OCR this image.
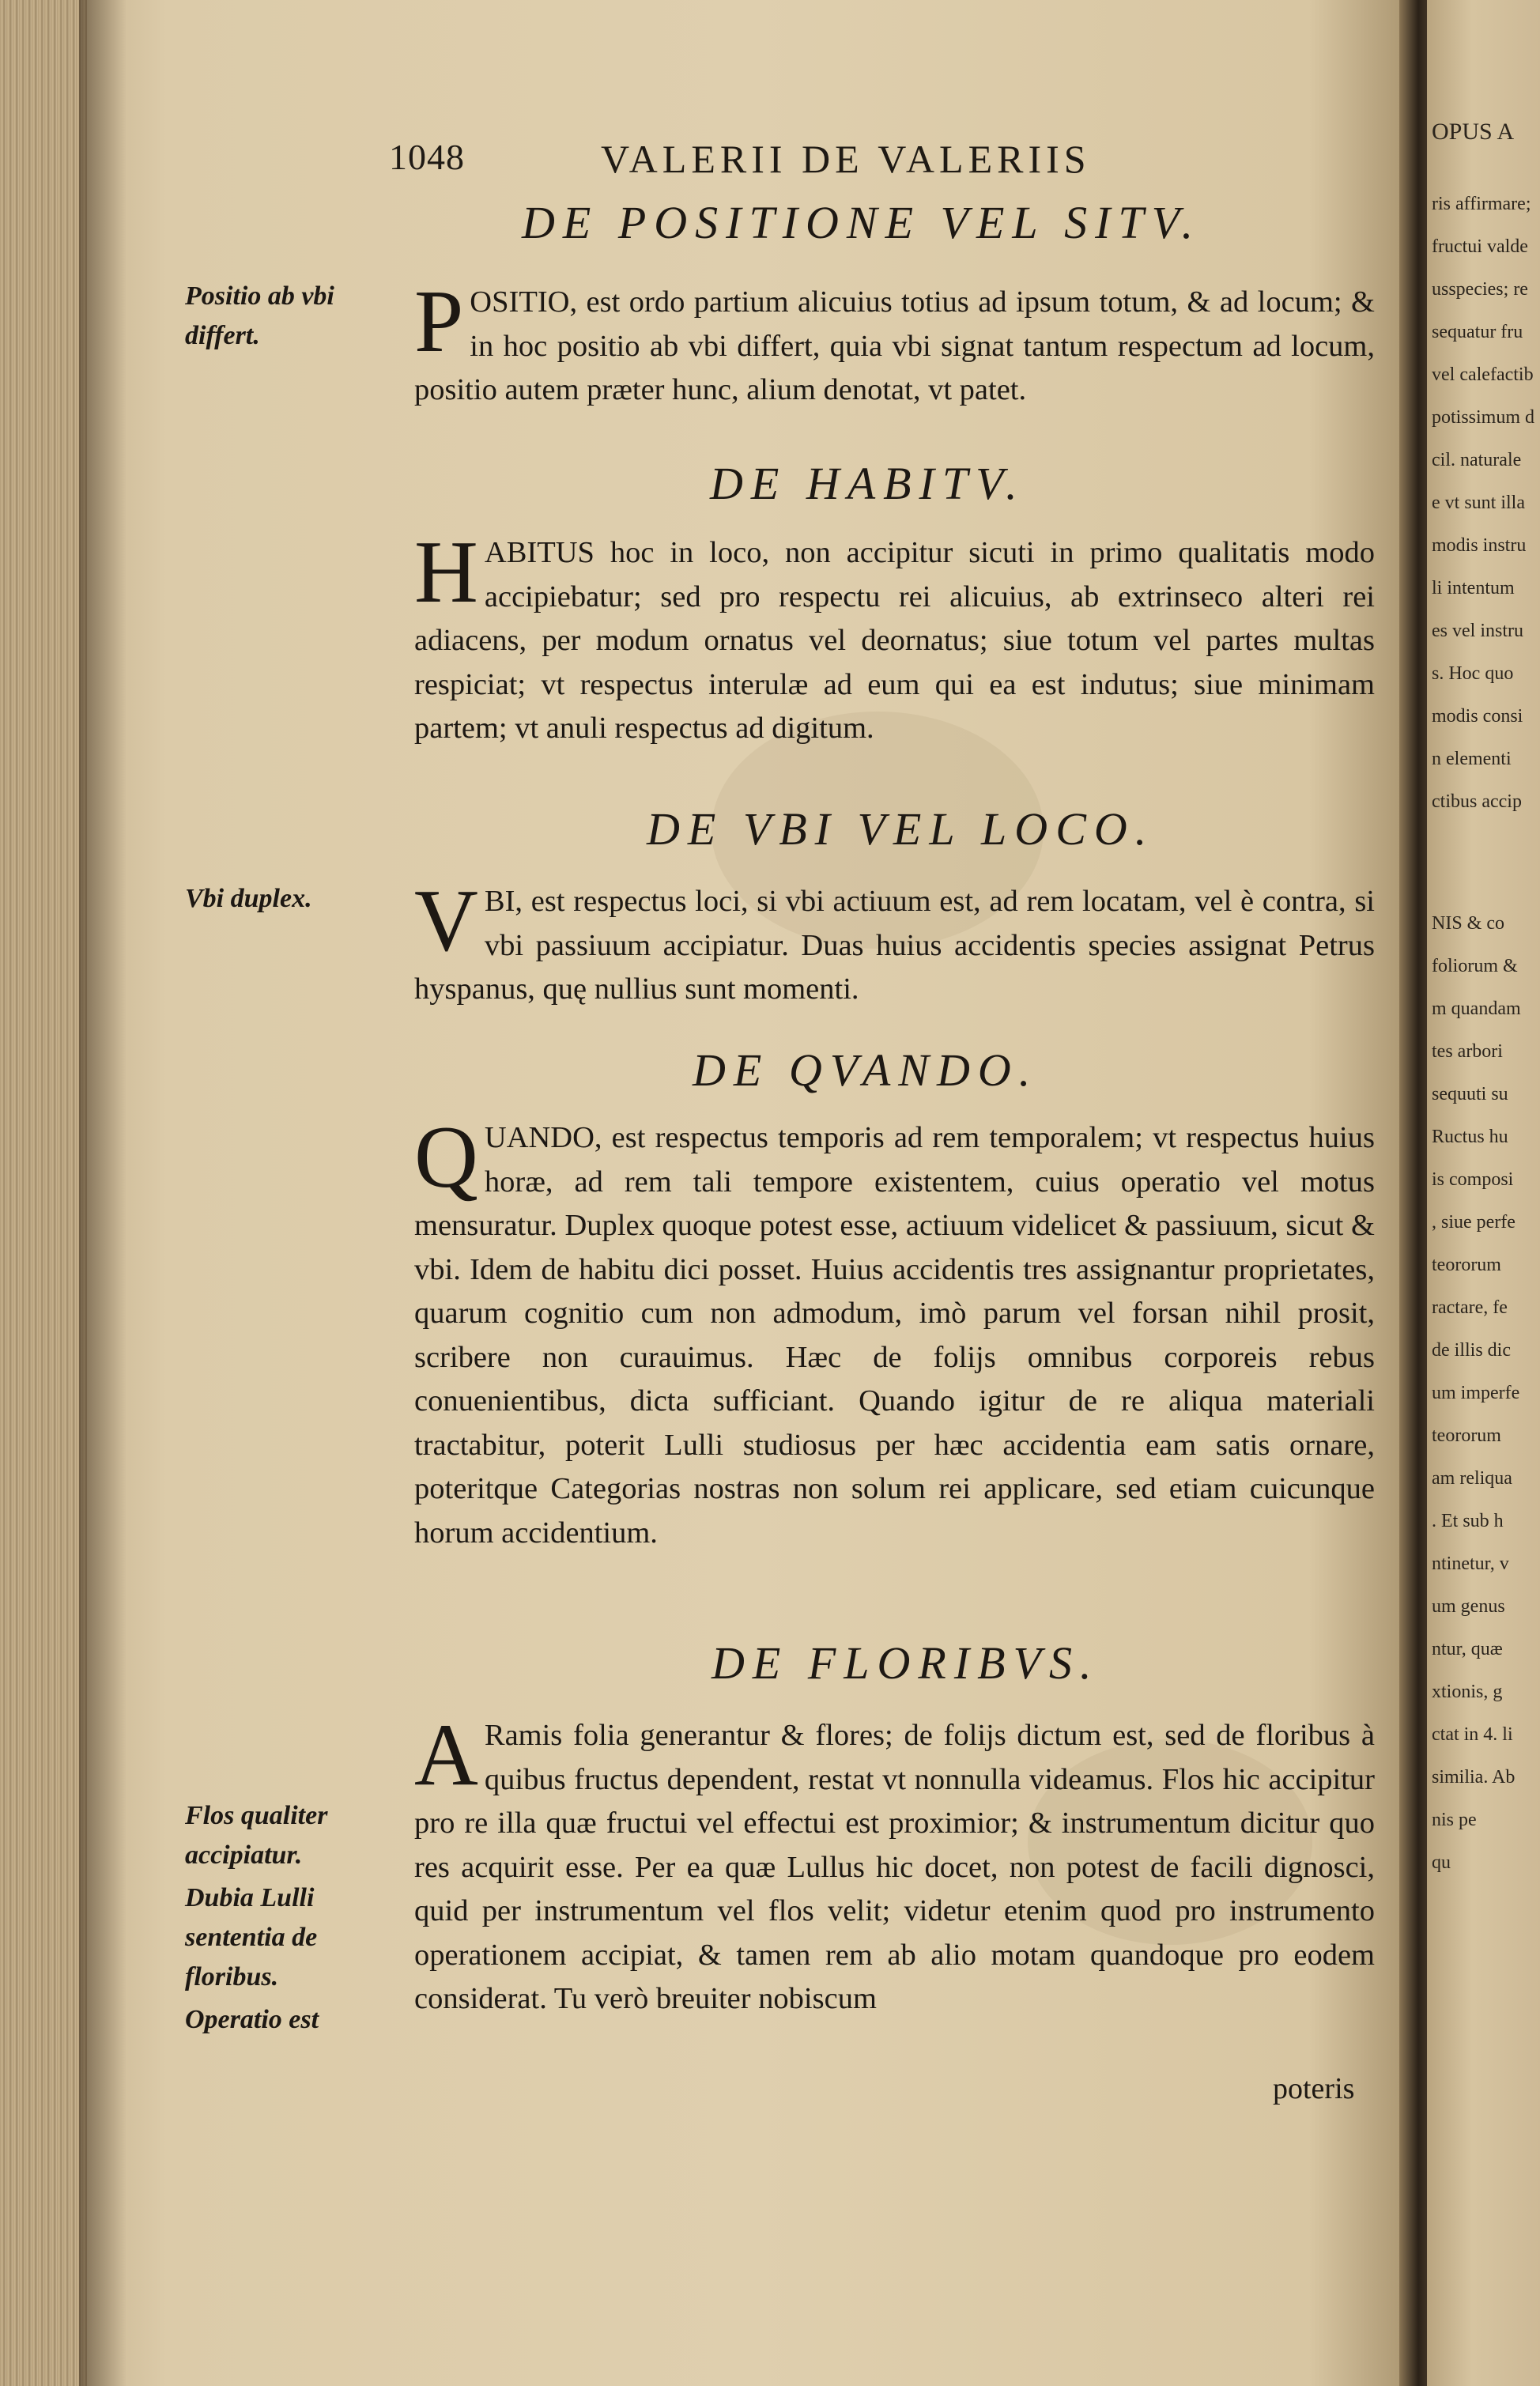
OPUS A
ris affirmare;
fructui valde
usspecies; re
sequatur fru
vel calefactib
potissimum d
cil. naturale
e vt sunt illa
modis instru
li intentum
es vel instru
s. Hoc quo
modis consi
n elementi
ctibus accip
NIS & co
foliorum &
m quandam
tes arbori
sequuti su
Ructus hu
is composi
, siue perfe
teororum
ractare, fe
de illis dic
um imperfe
teororum
am reliqua
. Et sub h
ntinetur, v
um genus
ntur, quæ
xtionis, g
ctat in 4. li
similia. Ab
nis pe
qu
1048	VALERII DE VALERIIS
DE POSITIONE VEL SITV.
P OSITIO, est ordo partium alicuius totius ad ipsum totum, & ad locum; & in hoc positio ab vbi differt, quia vbi signat tantum respectum ad locum, positio autem præter hunc, alium denotat, vt patet.
DE HABITV.
H ABITUS hoc in loco, non accipitur sicuti in primo qualitatis modo accipiebatur; sed pro respectu rei alicuius, ab extrinseco alteri rei adiacens, per modum ornatus vel deornatus; siue totum vel partes multas respiciat; vt respectus interulæ ad eum qui ea est indutus; siue minimam partem; vt anuli respectus ad digitum.
DE VBI VEL LOCO.
V BI, est respectus loci, si vbi actiuum est, ad rem locatam, vel è contra, si vbi passiuum accipiatur. Duas huius accidentis species assignat Petrus hyspanus, quę nullius sunt momenti.
DE QVANDO.
Q UANDO, est respectus temporis ad rem temporalem; vt respectus huius horæ, ad rem tali tempore existentem, cuius operatio vel motus mensuratur. Duplex quoque potest esse, actiuum videlicet & passiuum, sicut & vbi. Idem de habitu dici posset. Huius accidentis tres assignantur proprietates, quarum cognitio cum non admodum, imò parum vel forsan nihil prosit, scribere non curauimus. Hæc de folijs omnibus corporeis rebus conuenientibus, dicta sufficiant. Quando igitur de re aliqua materiali tractabitur, poterit Lulli studiosus per hæc accidentia eam satis ornare, poteritque Categorias nostras non solum rei applicare, sed etiam cuicunque horum accidentium.
DE FLORIBVS.
A Ramis folia generantur & flores; de folijs dictum est, sed de floribus à quibus fructus dependent, restat vt nonnulla videamus. Flos hic accipitur pro re illa quæ fructui vel effectui est proximior; & instrumentum dicitur quo res acquirit esse. Per ea quæ Lullus hic docet, non potest de facili dignosci, quid per instrumentum vel flos velit; videtur etenim quod pro instrumento operationem accipiat, & tamen rem ab alio motam quandoque pro eodem considerat. Tu verò breuiter nobiscum
poteris
Positio ab vbi differt.
Vbi duplex.
Flos qualiter accipiatur.
Dubia Lulli sententia de floribus.
Operatio est
